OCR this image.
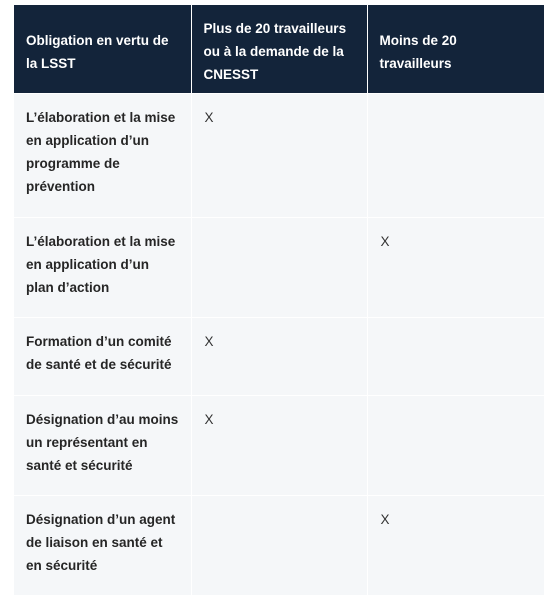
Obligation en vertu de la LSST	Plus de 20 travailleurs ou à la demande de la CNESST	Moins de 20 travailleurs
L’élaboration et la mise en application d’un programme de prévention	X	
L’élaboration et la mise en application d’un plan d’action		X
Formation d’un comité de santé et de sécurité	X	
Désignation d’au moins un représentant en santé et sécurité	X	
Désignation d’un agent de liaison en santé et en sécurité		X
